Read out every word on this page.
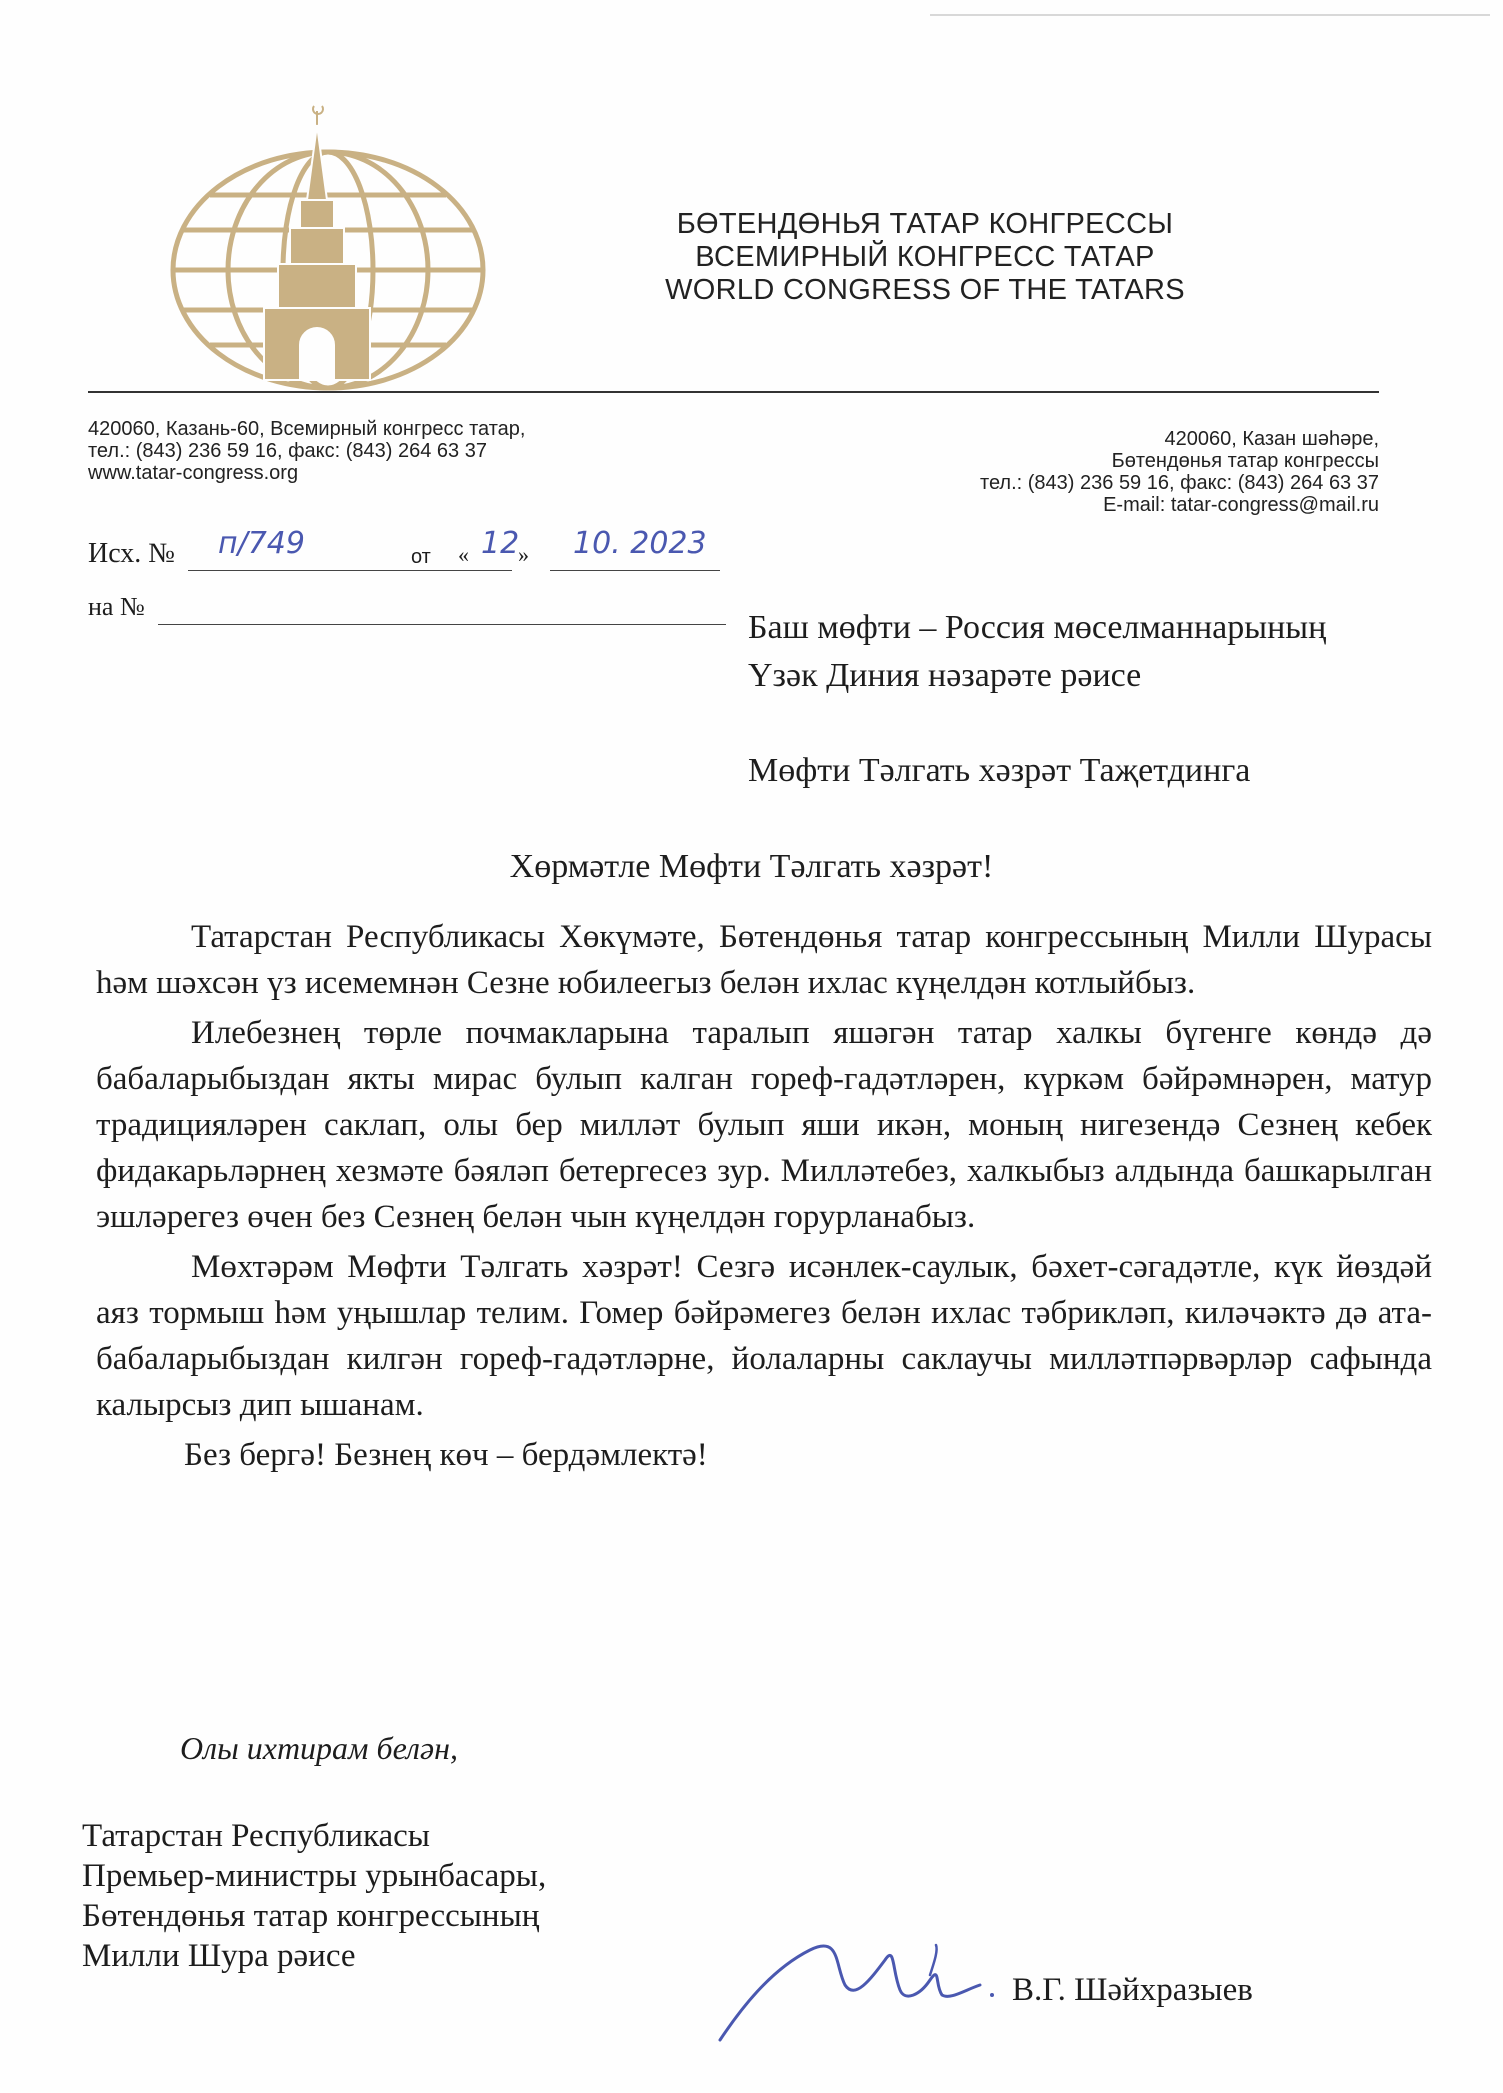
БӨТЕНДӨНЬЯ ТАТАР КОНГРЕССЫ
ВСЕМИРНЫЙ КОНГРЕСС ТАТАР
WORLD CONGRESS OF THE TATARS
420060, Казань-60, Всемирный конгресс татар,
тел.: (843) 236 59 16, факс: (843) 264 63 37
www.tatar-congress.org
420060, Казан шәһәре,
Бөтендөнья татар конгрессы
тел.: (843) 236 59 16, факс: (843) 264 63 37
E-mail: tatar-congress@mail.ru
Исх. № п/749	от « 12
» 10. 2023
на №
Баш мөфти – Россия мөселманнарының
Үзәк Диния нәзарәте рәисе
Мөфти Тәлгать хәзрәт Таҗетдинга
Хөрмәтле Мөфти Тәлгать хәзрәт!

Татарстан Республикасы Хөкүмәте, Бөтендөнья татар конгрессының Милли Шурасы һәм шәхсән үз исемемнән Сезне юбилеегыз белән ихлас күңелдән котлыйбыз.

Илебезнең төрле почмакларына таралып яшәгән татар халкы бүгенге көндә дә бабаларыбыздан якты мирас булып калган гореф-гадәтләрен, күркәм бәйрәмнәрен, матур традицияләрен саклап, олы бер милләт булып яши икән, моның нигезендә Сезнең кебек фидакарьләрнең хезмәте бәяләп бетергесез зур. Милләтебез, халкыбыз алдында башкарылган эшләрегез өчен без Сезнең белән чын күңелдән горурланабыз.

Мөхтәрәм Мөфти Тәлгать хәзрәт! Сезгә исәнлек-саулык, бәхет-сәгадәтле, күк йөздәй аяз тормыш һәм уңышлар телим. Гомер бәйрәмегез белән ихлас тәбрикләп, киләчәктә дә ата-бабаларыбыздан килгән гореф-гадәтләрне, йолаларны саклаучы милләтпәрвәрләр сафында калырсыз дип ышанам.

Без бергә! Безнең көч – бердәмлектә!

Олы ихтирам белән,
Татарстан Республикасы
Премьер-министры урынбасары,
Бөтендөнья татар конгрессының
Милли Шура рәисе
В.Г. Шәйхразыев
